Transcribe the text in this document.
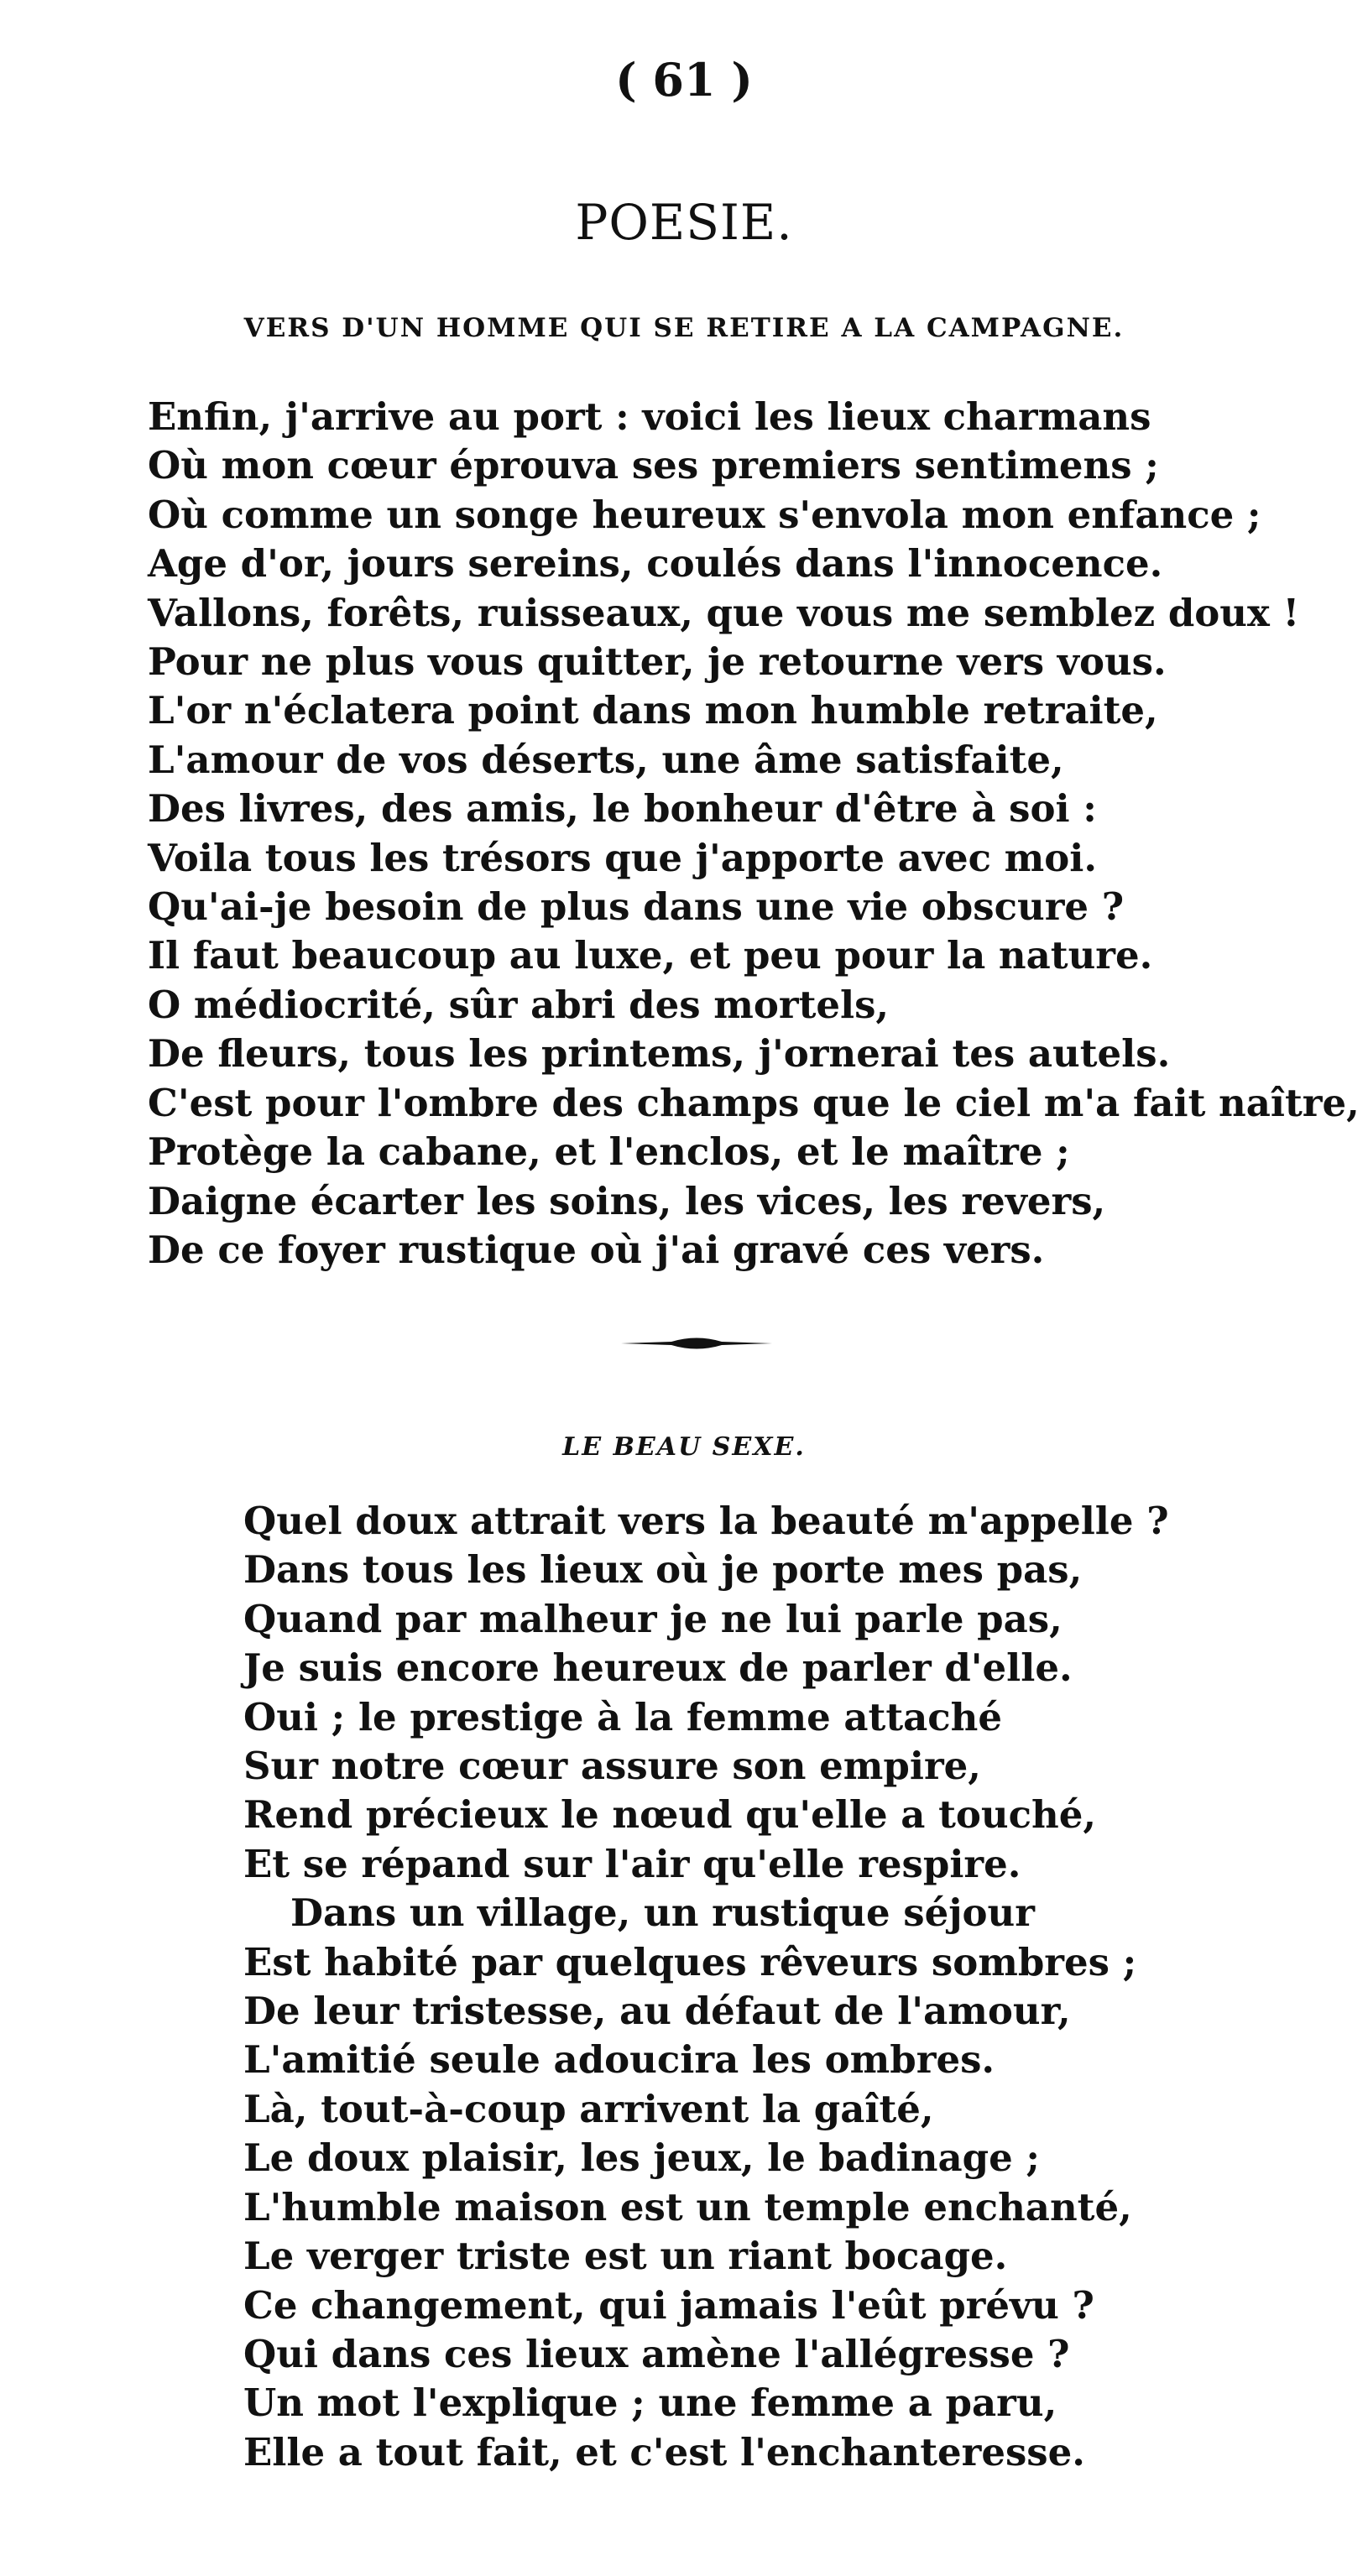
( 61 )
POESIE.
VERS D'UN HOMME QUI SE RETIRE A LA CAMPAGNE.
Enfin, j'arrive au port : voici les lieux charmans
Où mon cœur éprouva ses premiers sentimens ;
Où comme un songe heureux s'envola mon enfance ;
Age d'or, jours sereins, coulés dans l'innocence.
Vallons, forêts, ruisseaux, que vous me semblez doux !
Pour ne plus vous quitter, je retourne vers vous.
L'or n'éclatera point dans mon humble retraite,
L'amour de vos déserts, une âme satisfaite,
Des livres, des amis, le bonheur d'être à soi :
Voila tous les trésors que j'apporte avec moi.
Qu'ai-je besoin de plus dans une vie obscure ?
Il faut beaucoup au luxe, et peu pour la nature.
O médiocrité, sûr abri des mortels,
De fleurs, tous les printems, j'ornerai tes autels.
C'est pour l'ombre des champs que le ciel m'a fait naître,
Protège la cabane, et l'enclos, et le maître ;
Daigne écarter les soins, les vices, les revers,
De ce foyer rustique où j'ai gravé ces vers.
LE BEAU SEXE.
Quel doux attrait vers la beauté m'appelle ?
Dans tous les lieux où je porte mes pas,
Quand par malheur je ne lui parle pas,
Je suis encore heureux de parler d'elle.
Oui ; le prestige à la femme attaché
Sur notre cœur assure son empire,
Rend précieux le nœud qu'elle a touché,
Et se répand sur l'air qu'elle respire.
Dans un village, un rustique séjour
Est habité par quelques rêveurs sombres ;
De leur tristesse, au défaut de l'amour,
L'amitié seule adoucira les ombres.
Là, tout-à-coup arrivent la gaîté,
Le doux plaisir, les jeux, le badinage ;
L'humble maison est un temple enchanté,
Le verger triste est un riant bocage.
Ce changement, qui jamais l'eût prévu ?
Qui dans ces lieux amène l'allégresse ?
Un mot l'explique ; une femme a paru,
Elle a tout fait, et c'est l'enchanteresse.
